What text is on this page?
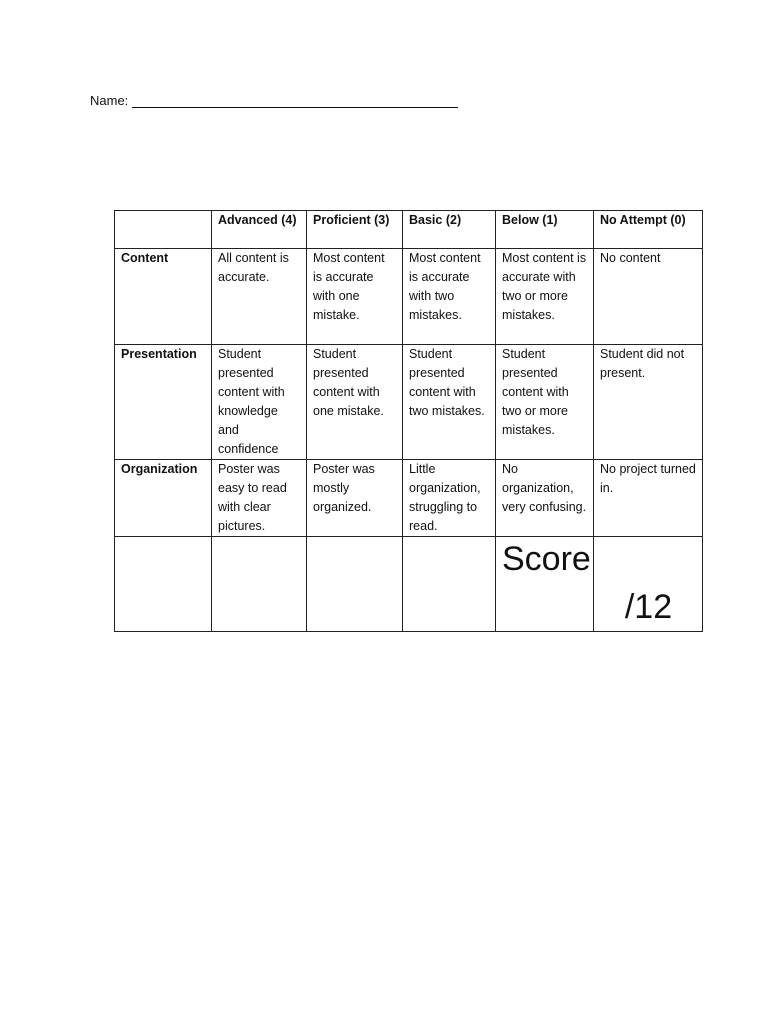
Name:
	Advanced (4)	Proficient (3)	Basic (2)	Below (1)	No Attempt (0)
Content	All content is accurate.	Most content is accurate with one mistake.	Most content is accurate with two mistakes.	Most content is accurate with two or more mistakes.	No content
Presentation	Student presented content with knowledge and confidence	Student presented content with one mistake.	Student presented content with two mistakes.	Student presented content with two or more mistakes.	Student did not present.
Organization	Poster was easy to read with clear pictures.	Poster was mostly organized.	Little organization, struggling to read.	No organization, very confusing.	No project turned in.
				Score	/12
